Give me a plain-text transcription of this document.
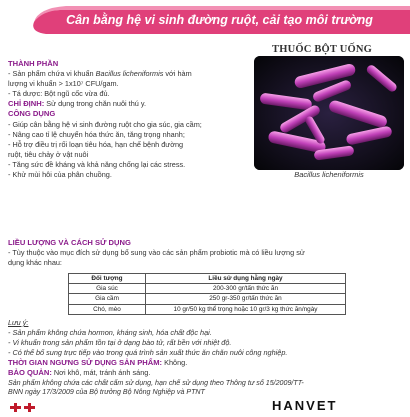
Cân bằng hệ vi sinh đường ruột, cải tạo môi trường
THUỐC BỘT UỐNG
Bacillus licheniformis
THÀNH PHẦN
- Sản phẩm chứa vi khuẩn Bacillus licheniformis với hàm
lượng vi khuẩn > 1x10⁷ CFU/gam.
- Tá dược: Bột ngũ cốc vừa đủ.
CHỈ ĐỊNH: Sử dụng trong chăn nuôi thú y.
CÔNG DỤNG
- Giúp cân bằng hệ vi sinh đường ruột cho gia súc, gia cầm;
- Nâng cao tỉ lệ chuyển hóa thức ăn, tăng trọng nhanh;
- Hỗ trợ điều trị rối loạn tiêu hóa, hạn chế bệnh đường
ruột, tiêu chảy ở vật nuôi
- Tăng sức đề kháng và khả năng chống lại các stress.
- Khử mùi hôi của phân chuồng.
LIỀU LƯỢNG VÀ CÁCH SỬ DỤNG
- Tùy thuộc vào mục đích sử dụng bổ sung vào các sản phẩm probiotic mà có liều lượng sử
dụng khác nhau:
Đối tượng	Liều sử dụng hằng ngày
Gia súc	200-300 gr/tấn thức ăn
Gia cầm	250 gr-350 gr/tấn thức ăn
Chó, mèo	10 gr/50 kg thể trọng hoặc 10 gr/3 kg thức ăn/ngày
Lưu ý:
- Sản phẩm không chứa hormon, kháng sinh, hóa chất độc hại.
- Vi khuẩn trong sản phẩm tồn tại ở dạng bào tử, rất bền với nhiệt độ.
- Có thể bổ sung trực tiếp vào trong quá trình sản xuất thức ăn chăn nuôi công nghiệp.
THỜI GIAN NGƯNG SỬ DỤNG SẢN PHẨM: Không.
BẢO QUẢN: Nơi khô, mát, tránh ánh sáng.
Sản phẩm không chứa các chất cấm sử dụng, hạn chế sử dụng theo Thông tư số 15/2009/TT-
BNN ngày 17/3/2009 của Bộ trưởng Bộ Nông Nghiệp và PTNT
HANVET
